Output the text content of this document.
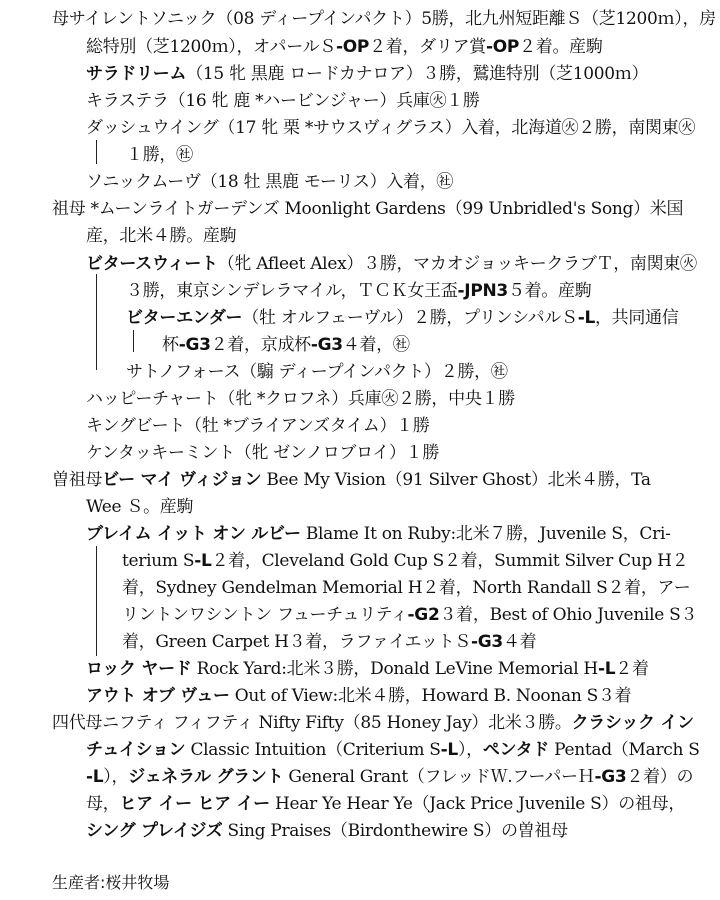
母サイレントソニック（08 ディープインパクト）5勝，北九州短距離Ｓ（芝1200ｍ），房
総特別（芝1200ｍ），オパールＳ-OP２着，ダリア賞-OP２着。産駒
サラドリーム（15 牝 黒鹿 ロードカナロア）３勝，鷲進特別（芝1000ｍ）
キラステラ（16 牝 鹿 *ハービンジャー）兵庫㊋１勝
ダッシュウイング（17 牝 栗 *サウスヴィグラス）入着，北海道㊋２勝，南関東㊋
１勝，㊓
ソニックムーヴ（18 牡 黒鹿 モーリス）入着，㊓
祖母 *ムーンライトガーデンズ Moonlight Gardens（99 Unbridled's Song）米国
産，北米４勝。産駒
ビタースウィート（牝 Afleet Alex）３勝，マカオジョッキークラブＴ，南関東㊋
３勝，東京シンデレラマイル，ＴＣＫ女王盃-JPN3５着。産駒
ビターエンダー（牡 オルフェーヴル）２勝，プリンシパルＳ-L，共同通信
杯-G3２着，京成杯-G3４着，㊓
サトノフォース（騸 ディープインパクト）２勝，㊓
ハッピーチャート（牝 *クロフネ）兵庫㊋２勝，中央１勝
キングビート（牡 *ブライアンズタイム）１勝
ケンタッキーミント（牝 ゼンノロブロイ）１勝
曽祖母ビー マイ ヴィジョン Bee My Vision（91 Silver Ghost）北米４勝，Ta
Wee Ｓ。産駒
ブレイム イット オン ルビー Blame It on Ruby:北米７勝，Juvenile S，Cri-
terium S-L２着，Cleveland Gold Cup S２着，Summit Silver Cup H２
着，Sydney Gendelman Memorial H２着，North Randall S２着，アー
リントンワシントン フューチュリティ-G2３着，Best of Ohio Juvenile S３
着，Green Carpet H３着，ラファイエットＳ-G3４着
ロック ヤード Rock Yard:北米３勝，Donald LeVine Memorial H-L２着
アウト オブ ヴュー Out of View:北米４勝，Howard B. Noonan S３着
四代母ニフティ フィフティ Nifty Fifty（85 Honey Jay）北米３勝。クラシック イン
チュイション Classic Intuition（Criterium S-L），ペンタド Pentad（March S
-L），ジェネラル グラント General Grant（フレッドＷ.フーパーＨ-G3２着）の
母，ヒア イー ヒア イー Hear Ye Hear Ye（Jack Price Juvenile S）の祖母，
シング プレイジズ Sing Praises（Birdonthewire S）の曽祖母
生産者:桜井牧場
